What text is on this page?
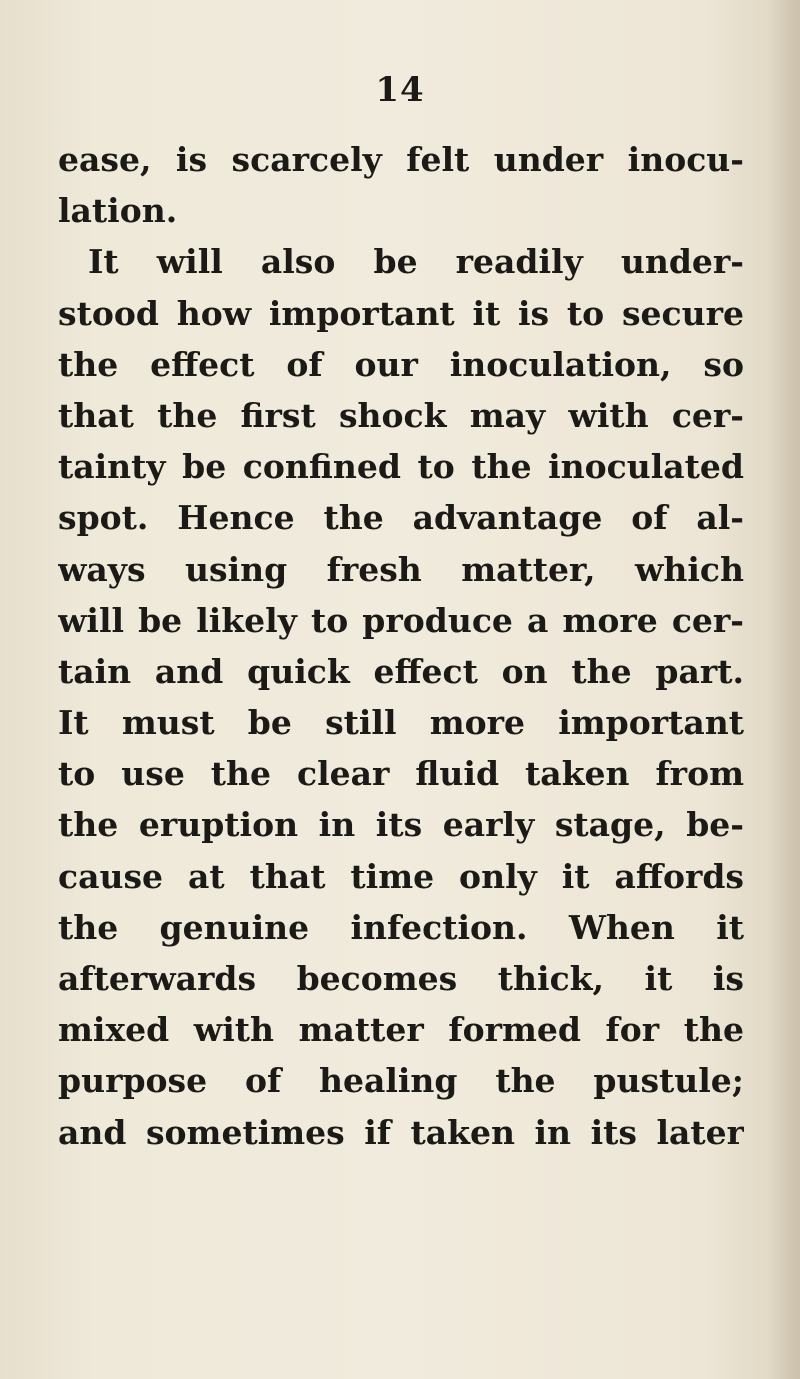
14
ease, is scarcely felt under inocu-
lation.
It will also be readily under-
stood how important it is to secure
the effect of our inoculation, so
that the first shock may with cer-
tainty be confined to the inoculated
spot. Hence the advantage of al-
ways using fresh matter, which
will be likely to produce a more cer-
tain and quick effect on the part.
It must be still more important
to use the clear fluid taken from
the eruption in its early stage, be-
cause at that time only it affords
the genuine infection. When it
afterwards becomes thick, it is
mixed with matter formed for the
purpose of healing the pustule;
and sometimes if taken in its later
